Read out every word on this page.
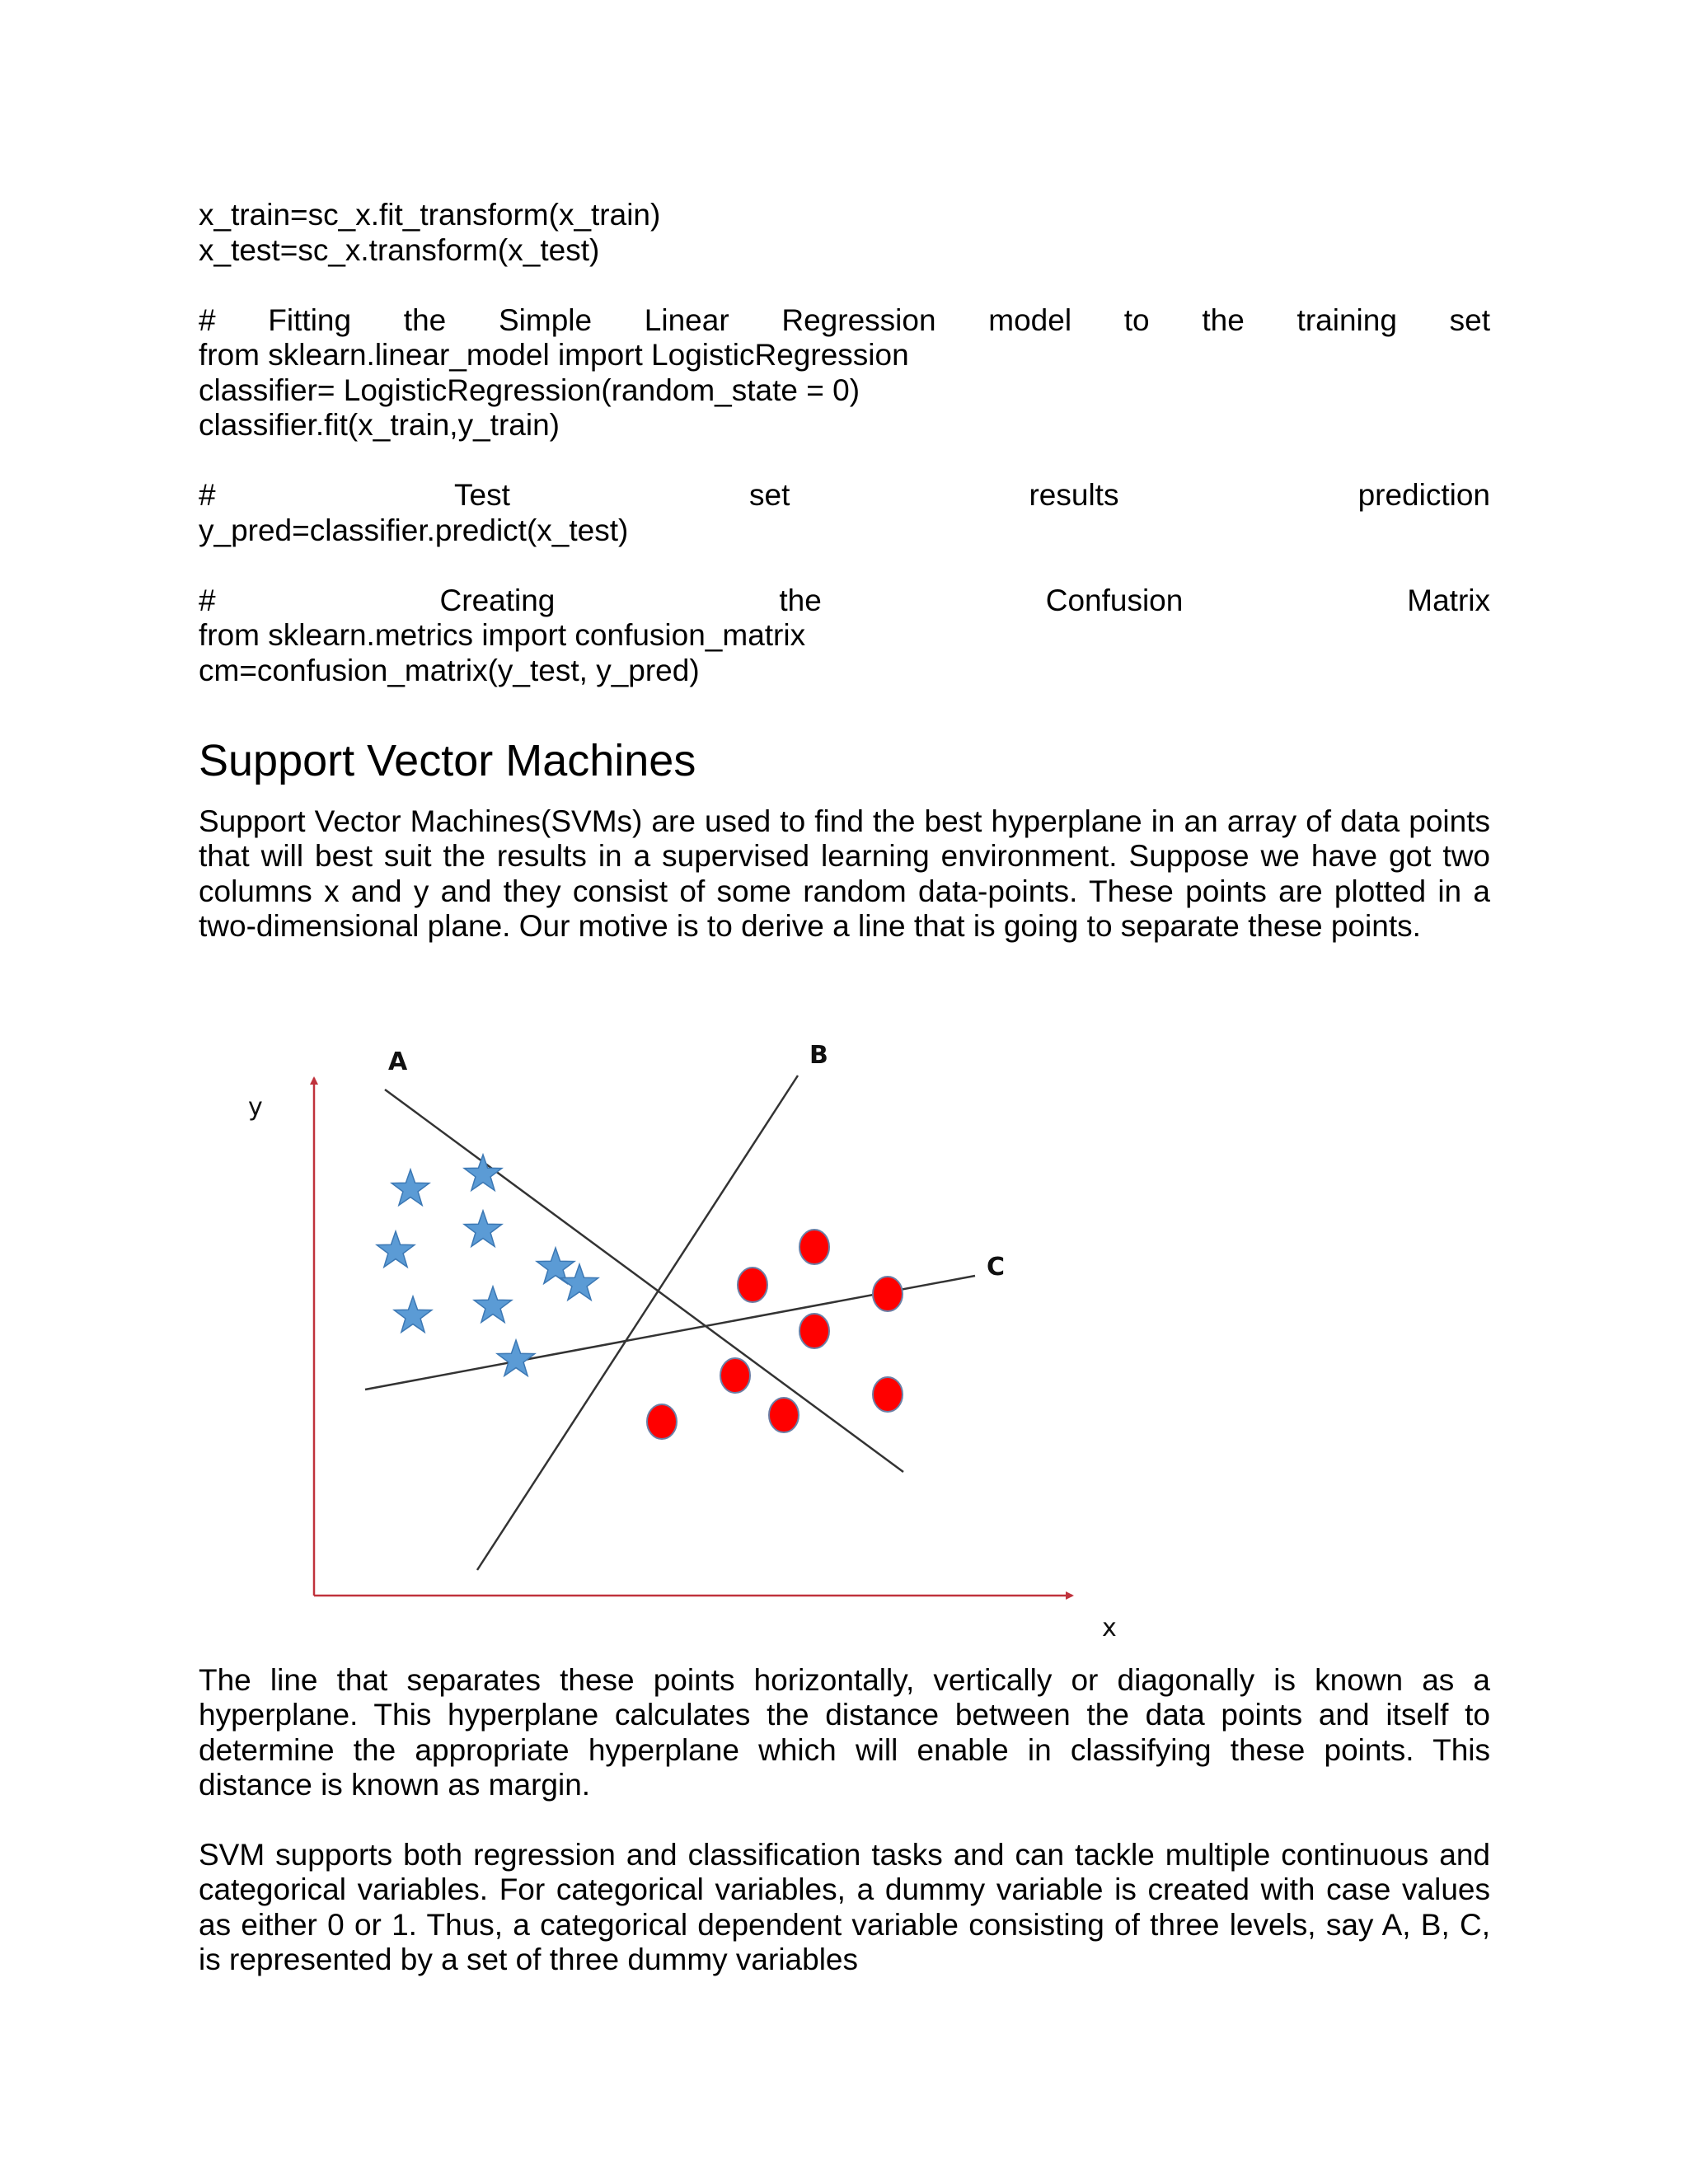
x_train=sc_x.fit_transform(x_train)
x_test=sc_x.transform(x_test)
# Fitting the Simple Linear Regression model to the training set
from sklearn.linear_model import LogisticRegression
classifier= LogisticRegression(random_state = 0)
classifier.fit(x_train,y_train)
# Test set results prediction
y_pred=classifier.predict(x_test)
# Creating the Confusion Matrix
from sklearn.metrics import confusion_matrix
cm=confusion_matrix(y_test, y_pred)
Support Vector Machines
Support Vector Machines(SVMs) are used to find the best hyperplane in an array of data points that will best suit the results in a supervised learning environment. Suppose we have got two columns x and y and they consist of some random data-points. These points are plotted in a two-dimensional plane. Our motive is to derive a line that is going to separate these points.
A	B
C
y
x
The line that separates these points horizontally, vertically or diagonally is known as a hyperplane. This hyperplane calculates the distance between the data points and itself to determine the appropriate hyperplane which will enable in classifying these points. This distance is known as margin.
SVM supports both regression and classification tasks and can tackle multiple continuous and categorical variables. For categorical variables, a dummy variable is created with case values as either 0 or 1. Thus, a categorical dependent variable consisting of three levels, say A, B, C, is represented by a set of three dummy variables
